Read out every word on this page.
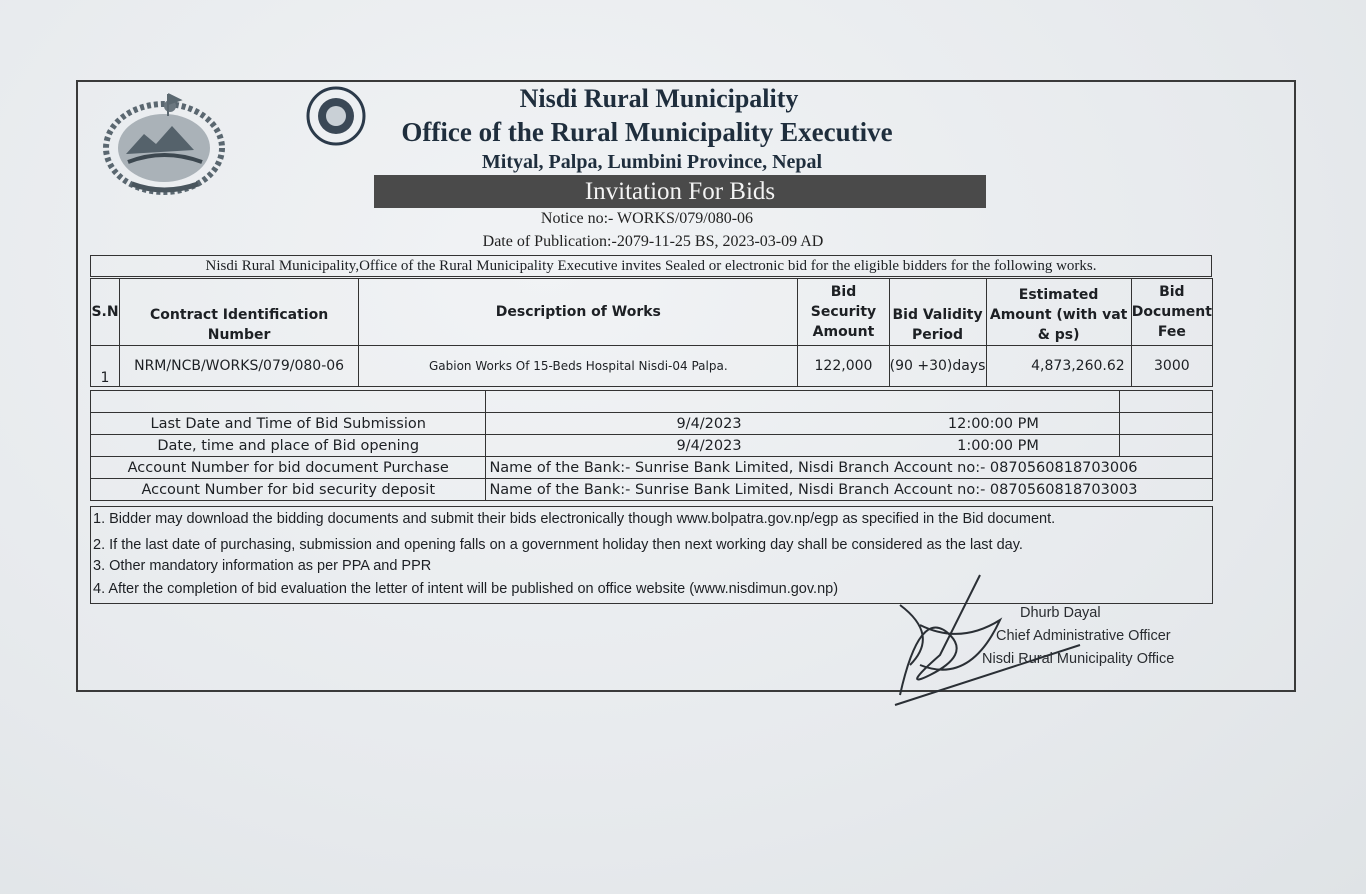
Nisdi Rural Municipality
Office of the Rural Municipality Executive
Mityal, Palpa, Lumbini Province, Nepal
Invitation For Bids
Notice no:- WORKS/079/080-06
Date of Publication:-2079-11-25 BS, 2023-03-09 AD
Nisdi Rural Municipality,Office of the Rural Municipality Executive invites Sealed or electronic bid for the eligible bidders for the following works.
S.N	Contract Identification Number	Description of Works	Bid Security Amount	Bid Validity Period	Estimated Amount (with vat & ps)	Bid Document Fee
1	NRM/NCB/WORKS/079/080-06	Gabion Works Of 15-Beds Hospital Nisdi-04 Palpa.	122,000	(90 +30)days	4,873,260.62	3000

Last Date and Time of Bid Submission	9/4/2023 12:00:00 PM	

Date, time and place of Bid opening	9/4/2023 1:00:00 PM	

Account Number for bid document Purchase	Name of the Bank:- Sunrise Bank Limited, Nisdi Branch Account no:- 0870560818703006	
Account Number for bid security deposit	Name of the Bank:- Sunrise Bank Limited, Nisdi Branch Account no:- 0870560818703003	
1. Bidder may download the bidding documents and submit their bids electronically though www.bolpatra.gov.np/egp as specified in the Bid document.
2. If the last date of purchasing, submission and opening falls on a government holiday then next working day shall be considered as the last day.
3. Other mandatory information as per PPA and PPR
4. After the completion of bid evaluation the letter of intent will be published on office website (www.nisdimun.gov.np)
Dhurb Dayal
Chief Administrative Officer
Nisdi Rural Municipality Office
